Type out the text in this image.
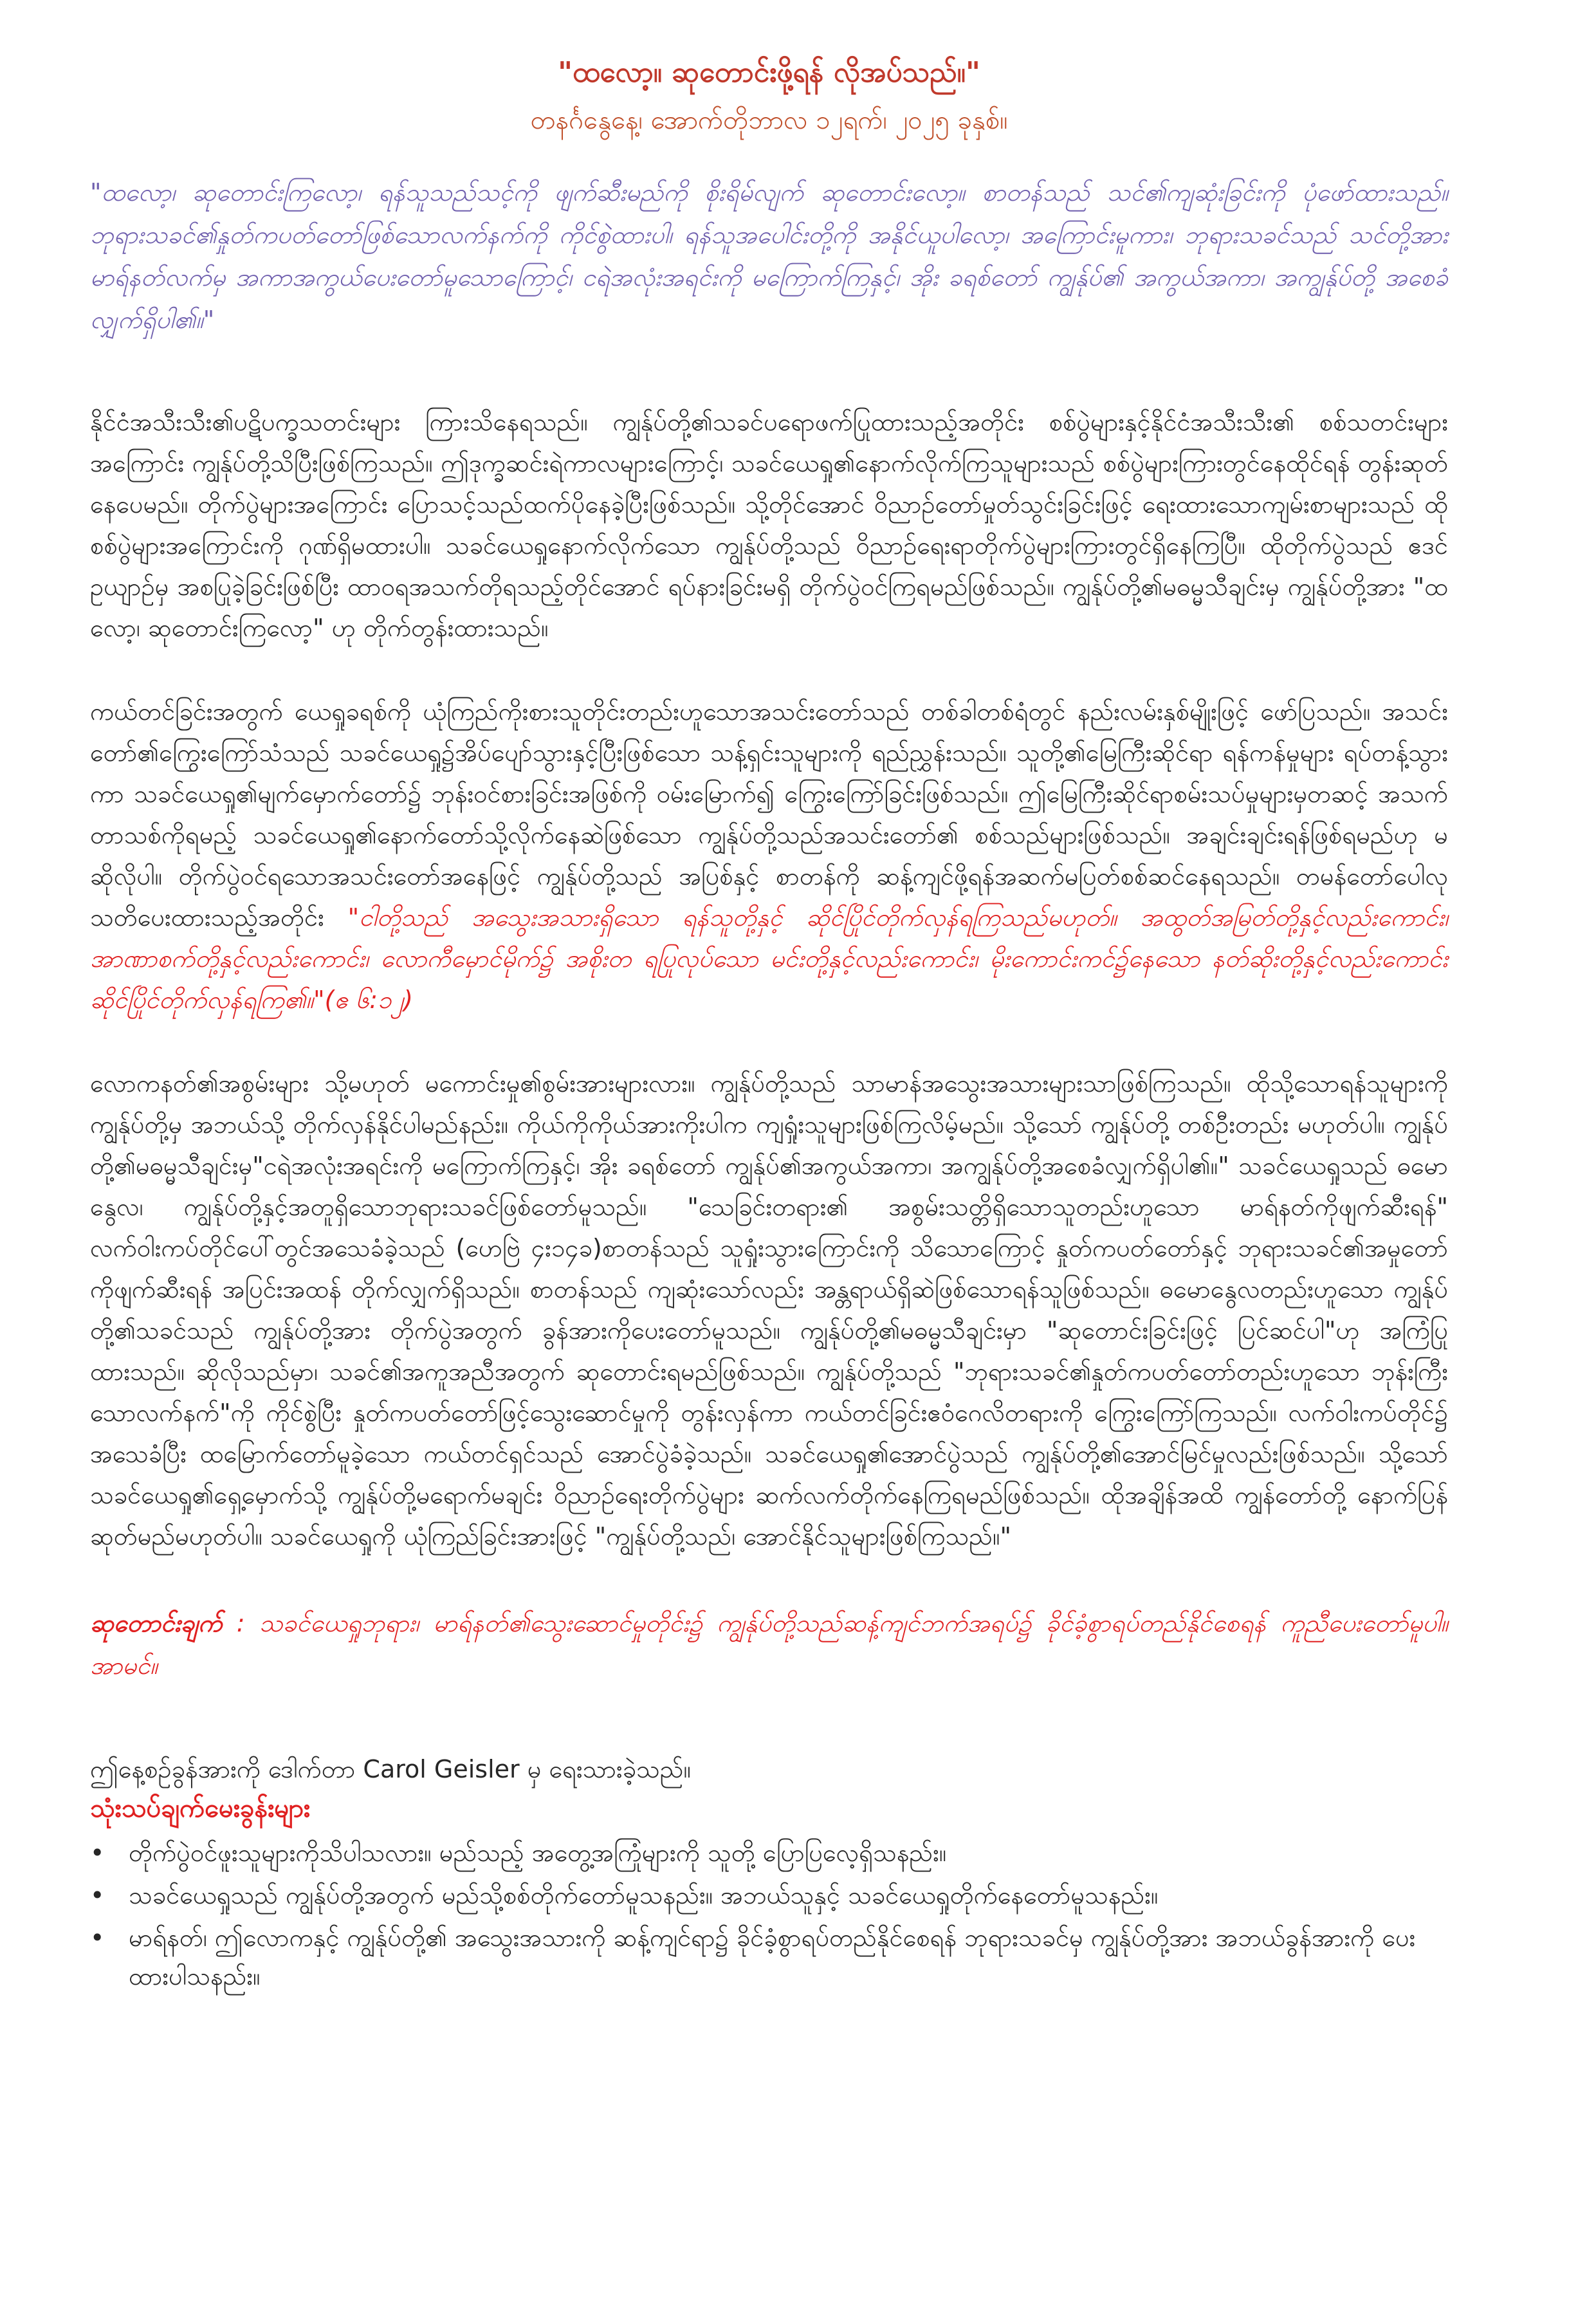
"ထလော့။ ဆုတောင်းဖို့ရန် လိုအပ်သည်။"
တနင်္ဂနွေနေ့၊ အောက်တိုဘာလ ၁၂ရက်၊ ၂၀၂၅ ခုနှစ်။

"ထလော့၊ ဆုတောင်းကြလော့၊ ရန်သူသည်သင့်ကို ဖျက်ဆီးမည်ကို စိုးရိမ်လျက် ဆုတောင်းလော့။ စာတန်သည် သင်၏ကျဆုံးခြင်းကို ပုံဖော်ထားသည်။ ဘုရားသခင်၏နှုတ်ကပတ်တော်ဖြစ်သောလက်နက်ကို ကိုင်စွဲထားပါ၊ ရန်သူအပေါင်းတို့ကို အနိုင်ယူပါလော့၊ အကြောင်းမူကား၊ ဘုရားသခင်သည် သင်တို့အား မာရ်နတ်လက်မှ အကာအကွယ်ပေးတော်မူသောကြောင့်၊ ငရဲအလုံးအရင်းကို မကြောက်ကြနှင့်၊ အိုး ခရစ်တော် ကျွန်ုပ်၏ အကွယ်အကာ၊ အကျွန်ုပ်တို့ အစေခံလျှက်ရှိပါ၏။"

နိုင်ငံအသီးသီး၏ပဋိပက္ခသတင်းများ ကြားသိနေရသည်။ ကျွန်ုပ်တို့၏သခင်ပရောဖက်ပြုထားသည့်အတိုင်း စစ်ပွဲများနှင့်နိုင်ငံအသီးသီး၏ စစ်သတင်းများအကြောင်း ကျွန်ုပ်တို့သိပြီးဖြစ်ကြသည်။ ဤဒုက္ခဆင်းရဲကာလများကြောင့်၊ သခင်ယေရှု၏နောက်လိုက်ကြသူများသည် စစ်ပွဲများကြားတွင်နေထိုင်ရန် တွန်းဆုတ်နေပေမည်။ တိုက်ပွဲများအကြောင်း ပြောသင့်သည်ထက်ပိုနေခဲ့ပြီးဖြစ်သည်။ သို့တိုင်အောင် ဝိညာဉ်တော်မှုတ်သွင်းခြင်းဖြင့် ရေးထားသောကျမ်းစာများသည် ထိုစစ်ပွဲများအကြောင်းကို ဂုဏ်ရှိမထားပါ။ သခင်ယေရှုနောက်လိုက်သော ကျွန်ုပ်တို့သည် ဝိညာဉ်ရေးရာတိုက်ပွဲများကြားတွင်ရှိနေကြပြီ။ ထိုတိုက်ပွဲသည် ဧဒင်ဥယျာဉ်မှ အစပြုခဲ့ခြင်းဖြစ်ပြီး ထာဝရအသက်တိုရသည့်တိုင်အောင် ရပ်နားခြင်းမရှိ တိုက်ပွဲဝင်ကြရမည်ဖြစ်သည်။ ကျွန်ုပ်တို့၏မဓမ္မသီချင်းမှ ကျွန်ုပ်တို့အား "ထလော့၊ ဆုတောင်းကြလော့" ဟု တိုက်တွန်းထားသည်။

ကယ်တင်ခြင်းအတွက် ယေရှုခရစ်ကို ယုံကြည်ကိုးစားသူတိုင်းတည်းဟူသောအသင်းတော်သည် တစ်ခါတစ်ရံတွင် နည်းလမ်းနှစ်မျိုးဖြင့် ဖော်ပြသည်။ အသင်းတော်၏ကြွေးကြော်သံသည် သခင်ယေရှု၌အိပ်ပျော်သွားနှင့်ပြီးဖြစ်သော သန့်ရှင်းသူများကို ရည်ညွှန်းသည်။ သူတို့၏မြေကြီးဆိုင်ရာ ရန်ကန်မှုများ ရပ်တန့်သွားကာ သခင်ယေရှု၏မျက်မှောက်တော်၌ ဘုန်းဝင်စားခြင်းအဖြစ်ကို ဝမ်းမြောက်၍ ကြွေးကြော်ခြင်းဖြစ်သည်။ ဤမြေကြီးဆိုင်ရာစမ်းသပ်မှုများမှတဆင့် အသက်တာသစ်ကိုရမည့် သခင်ယေရှု၏နောက်တော်သို့လိုက်နေဆဲဖြစ်သော ကျွန်ုပ်တို့သည်အသင်းတော်၏ စစ်သည်များဖြစ်သည်။ အချင်းချင်းရန်ဖြစ်ရမည်ဟု မဆိုလိုပါ။ တိုက်ပွဲဝင်ရသောအသင်းတော်အနေဖြင့် ကျွန်ုပ်တို့သည် အပြစ်နှင့် စာတန်ကို ဆန့်ကျင်ဖို့ရန်အဆက်မပြတ်စစ်ဆင်နေရသည်။ တမန်တော်ပေါလုသတိပေးထားသည့်အတိုင်း "ငါတို့သည် အသွေးအသားရှိသော ရန်သူတို့နှင့် ဆိုင်ပြိုင်တိုက်လှန်ရကြသည်မဟုတ်။ အထွတ်အမြတ်တို့နှင့်လည်းကောင်း၊ အာဏာစက်တို့နှင့်လည်းကောင်း၊ လောကီမှောင်မိုက်၌ အစိုးတ ရပြုလုပ်သော မင်းတို့နှင့်လည်းကောင်း၊ မိုးကောင်းကင်၌နေသော နတ်ဆိုးတို့နှင့်လည်းကောင်း ဆိုင်ပြိုင်တိုက်လှန်ရကြ၏။"(ဧ ၆:၁၂)

လောကနတ်၏အစွမ်းများ သို့မဟုတ် မကောင်းမှု၏စွမ်းအားများလား။ ကျွန်ုပ်တို့သည် သာမာန်အသွေးအသားများသာဖြစ်ကြသည်။ ထိုသို့သောရန်သူများကို ကျွန်ုပ်တို့မှ အဘယ်သို့ တိုက်လှန်နိုင်ပါမည်နည်း။ ကိုယ်ကိုကိုယ်အားကိုးပါက ကျရှုံးသူများဖြစ်ကြလိမ့်မည်။ သို့သော် ကျွန်ုပ်တို့ တစ်ဦးတည်း မဟုတ်ပါ။ ကျွန်ုပ်တို့၏မဓမ္မသီချင်းမှ"ငရဲအလုံးအရင်းကို မကြောက်ကြနှင့်၊ အိုး ခရစ်တော် ကျွန်ုပ်၏အကွယ်အကာ၊ အကျွန်ုပ်တို့အစေခံလျှက်ရှိပါ၏။" သခင်ယေရှုသည် ဓမောနွေလ၊ ကျွန်ုပ်တို့နှင့်အတူရှိသောဘုရားသခင်ဖြစ်တော်မူသည်။ "သေခြင်းတရား၏ အစွမ်းသတ္တိရှိသောသူတည်းဟူသော မာရ်နတ်ကိုဖျက်ဆီးရန်" လက်ဝါးကပ်တိုင်ပေါ်တွင်အသေခံခဲ့သည် (ဟေဗြဲ ၄း၁၄ခ)စာတန်သည် သူရှုံးသွားကြောင်းကို သိသောကြောင့် နှုတ်ကပတ်တော်နှင့် ဘုရားသခင်၏အမှုတော်ကိုဖျက်ဆီးရန် အပြင်းအထန် တိုက်လျှက်ရှိသည်။ စာတန်သည် ကျဆုံးသော်လည်း အန္တရာယ်ရှိဆဲဖြစ်သောရန်သူဖြစ်သည်။ ဓမောနွေလတည်းဟူသော ကျွန်ုပ်တို့၏သခင်သည် ကျွန်ုပ်တို့အား တိုက်ပွဲအတွက် ခွန်အားကိုပေးတော်မူသည်။ ကျွန်ုပ်တို့၏မဓမ္မသီချင်းမှာ "ဆုတောင်းခြင်းဖြင့် ပြင်ဆင်ပါ"ဟု အကြံပြုထားသည်။ ဆိုလိုသည်မှာ၊ သခင်၏အကူအညီအတွက် ဆုတောင်းရမည်ဖြစ်သည်။ ကျွန်ုပ်တို့သည် "ဘုရားသခင်၏နှုတ်ကပတ်တော်တည်းဟူသော ဘုန်းကြီးသောလက်နက်"ကို ကိုင်စွဲပြီး နှုတ်ကပတ်တော်ဖြင့်သွေးဆောင်မှုကို တွန်းလှန်ကာ ကယ်တင်ခြင်းဧဝံဂေလိတရားကို ကြွေးကြော်ကြသည်။ လက်ဝါးကပ်တိုင်၌ အသေခံပြီး ထမြောက်တော်မူခဲ့သော ကယ်တင်ရှင်သည် အောင်ပွဲခံခဲ့သည်။ သခင်ယေရှု၏အောင်ပွဲသည် ကျွန်ုပ်တို့၏အောင်မြင်မှုလည်းဖြစ်သည်။ သို့သော် သခင်ယေရှု၏ရှေ့မှောက်သို့ ကျွန်ုပ်တို့မရောက်မချင်း ဝိညာဉ်ရေးတိုက်ပွဲများ ဆက်လက်တိုက်နေကြရမည်ဖြစ်သည်။ ထိုအချိန်အထိ ကျွန်တော်တို့ နောက်ပြန်ဆုတ်မည်မဟုတ်ပါ။ သခင်ယေရှုကို ယုံကြည်ခြင်းအားဖြင့် "ကျွန်ုပ်တို့သည်၊ အောင်နိုင်သူများဖြစ်ကြသည်။"

ဆုတောင်းချက် : သခင်ယေရှုဘုရား၊ မာရ်နတ်၏သွေးဆောင်မှုတိုင်း၌ ကျွန်ုပ်တို့သည်ဆန့်ကျင်ဘက်အရပ်၌ ခိုင်ခံ့စွာရပ်တည်နိုင်စေရန် ကူညီပေးတော်မူပါ။ အာမင်။

ဤနေ့စဉ်ခွန်အားကို ဒေါက်တာ Carol Geisler မှ ရေးသားခဲ့သည်။
သုံးသပ်ချက်မေးခွန်းများ
• တိုက်ပွဲဝင်ဖူးသူများကိုသိပါသလား။ မည်သည့် အတွေ့အကြုံများကို သူတို့ ပြောပြလေ့ရှိသနည်း။
• သခင်ယေရှုသည် ကျွန်ုပ်တို့အတွက် မည်သို့စစ်တိုက်တော်မူသနည်း။ အဘယ်သူနှင့် သခင်ယေရှုတိုက်နေတော်မူသနည်း။
• မာရ်နတ်၊ ဤလောကနှင့် ကျွန်ုပ်တို့၏ အသွေးအသားကို ဆန့်ကျင်ရာ၌ ခိုင်ခံ့စွာရပ်တည်နိုင်စေရန် ဘုရားသခင်မှ ကျွန်ုပ်တို့အား အဘယ်ခွန်အားကို ပေးထားပါသနည်း။
